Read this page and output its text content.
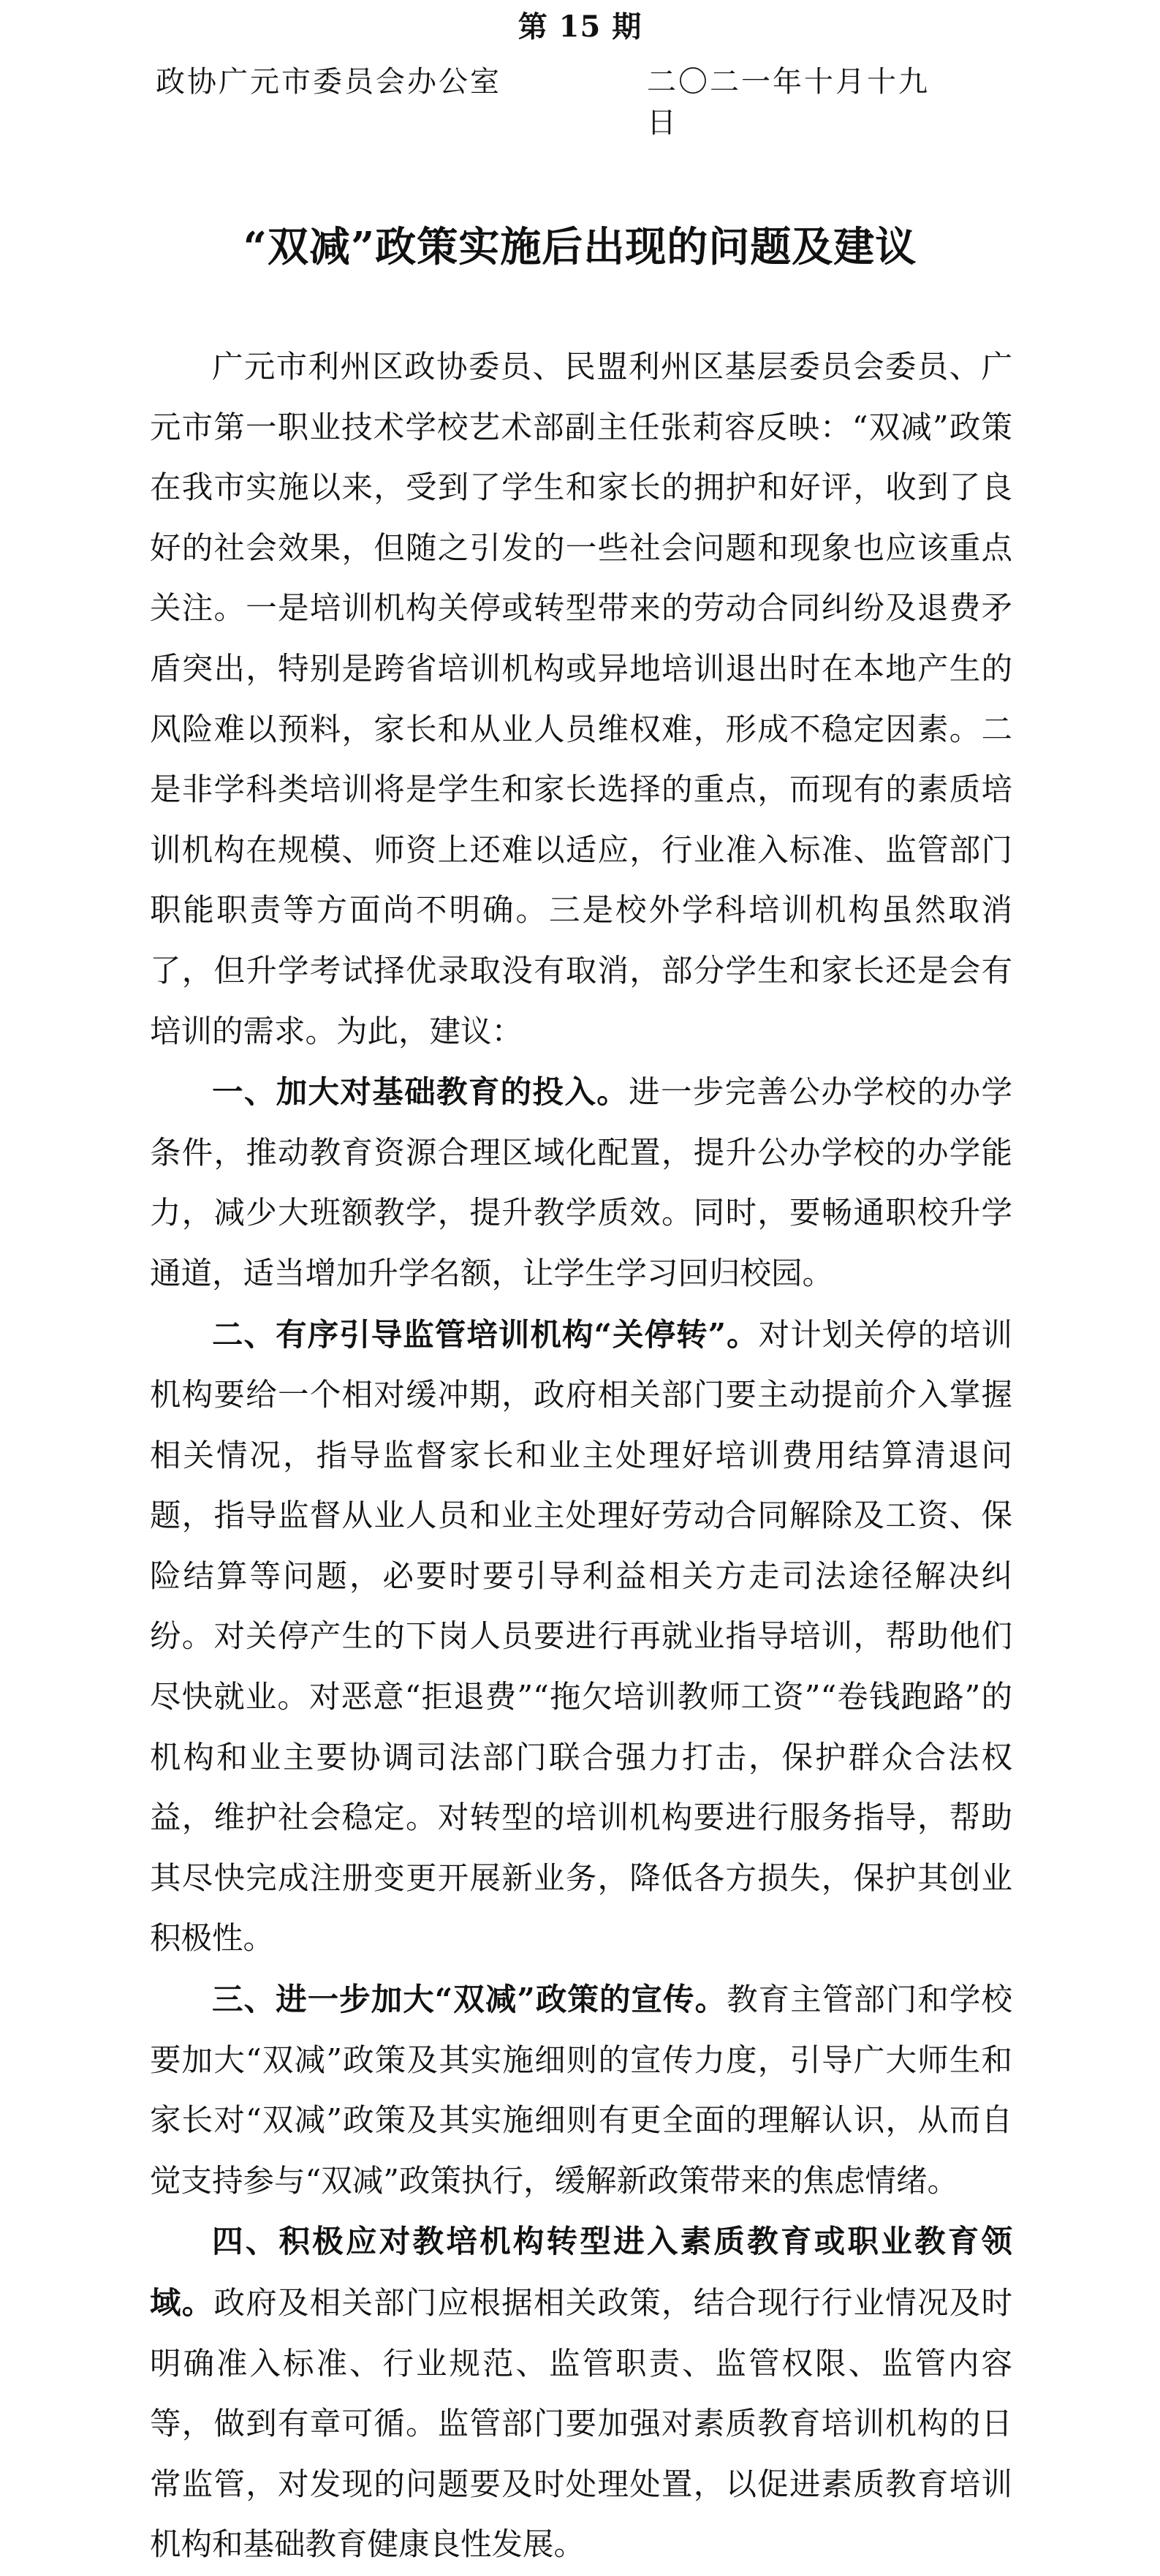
第 15 期
政协广元市委员会办公室	二〇二一年十月十九日
“双减”政策实施后出现的问题及建议

广元市利州区政协委员、民盟利州区基层委员会委员、广元市第一职业技术学校艺术部副主任张莉容反映：“双减”政策在我市实施以来，受到了学生和家长的拥护和好评，收到了良好的社会效果，但随之引发的一些社会问题和现象也应该重点关注。一是培训机构关停或转型带来的劳动合同纠纷及退费矛盾突出，特别是跨省培训机构或异地培训退出时在本地产生的风险难以预料，家长和从业人员维权难，形成不稳定因素。二是非学科类培训将是学生和家长选择的重点，而现有的素质培训机构在规模、师资上还难以适应，行业准入标准、监管部门职能职责等方面尚不明确。三是校外学科培训机构虽然取消了，但升学考试择优录取没有取消，部分学生和家长还是会有培训的需求。为此，建议：

一、加大对基础教育的投入。进一步完善公办学校的办学条件，推动教育资源合理区域化配置，提升公办学校的办学能力，减少大班额教学，提升教学质效。同时，要畅通职校升学通道，适当增加升学名额，让学生学习回归校园。

二、有序引导监管培训机构“关停转”。对计划关停的培训机构要给一个相对缓冲期，政府相关部门要主动提前介入掌握相关情况，指导监督家长和业主处理好培训费用结算清退问题，指导监督从业人员和业主处理好劳动合同解除及工资、保险结算等问题，必要时要引导利益相关方走司法途径解决纠纷。对关停产生的下岗人员要进行再就业指导培训，帮助他们尽快就业。对恶意“拒退费”“拖欠培训教师工资”“卷钱跑路”的机构和业主要协调司法部门联合强力打击，保护群众合法权益，维护社会稳定。对转型的培训机构要进行服务指导，帮助其尽快完成注册变更开展新业务，降低各方损失，保护其创业积极性。

三、进一步加大“双减”政策的宣传。教育主管部门和学校要加大“双减”政策及其实施细则的宣传力度，引导广大师生和家长对“双减”政策及其实施细则有更全面的理解认识，从而自觉支持参与“双减”政策执行，缓解新政策带来的焦虑情绪。

四、积极应对教培机构转型进入素质教育或职业教育领域。政府及相关部门应根据相关政策，结合现行行业情况及时明确准入标准、行业规范、监管职责、监管权限、监管内容等，做到有章可循。监管部门要加强对素质教育培训机构的日常监管，对发现的问题要及时处理处置，以促进素质教育培训机构和基础教育健康良性发展。
